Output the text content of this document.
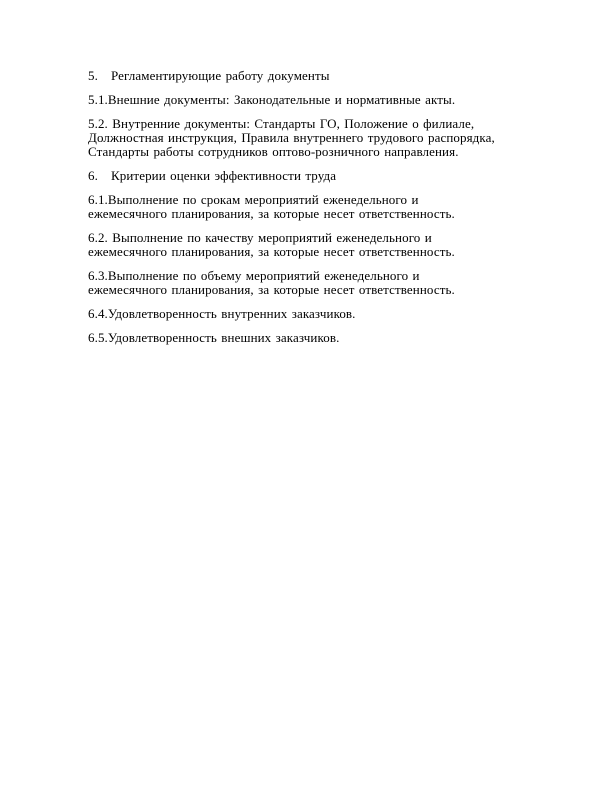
5.   Регламентирующие работу документы
5.1.Внешние документы: Законодательные и нормативные акты.
5.2. Внутренние документы: Стандарты ГО, Положение о филиале,
Должностная инструкция, Правила внутреннего трудового распорядка,
Стандарты работы сотрудников оптово-розничного направления.
6.   Критерии оценки эффективности труда
6.1.Выполнение по срокам мероприятий еженедельного и
ежемесячного планирования, за которые несет ответственность.
6.2. Выполнение по качеству мероприятий еженедельного и
ежемесячного планирования, за которые несет ответственность.
6.3.Выполнение по объему мероприятий еженедельного и
ежемесячного планирования, за которые несет ответственность.
6.4.Удовлетворенность внутренних заказчиков.
6.5.Удовлетворенность внешних заказчиков.
